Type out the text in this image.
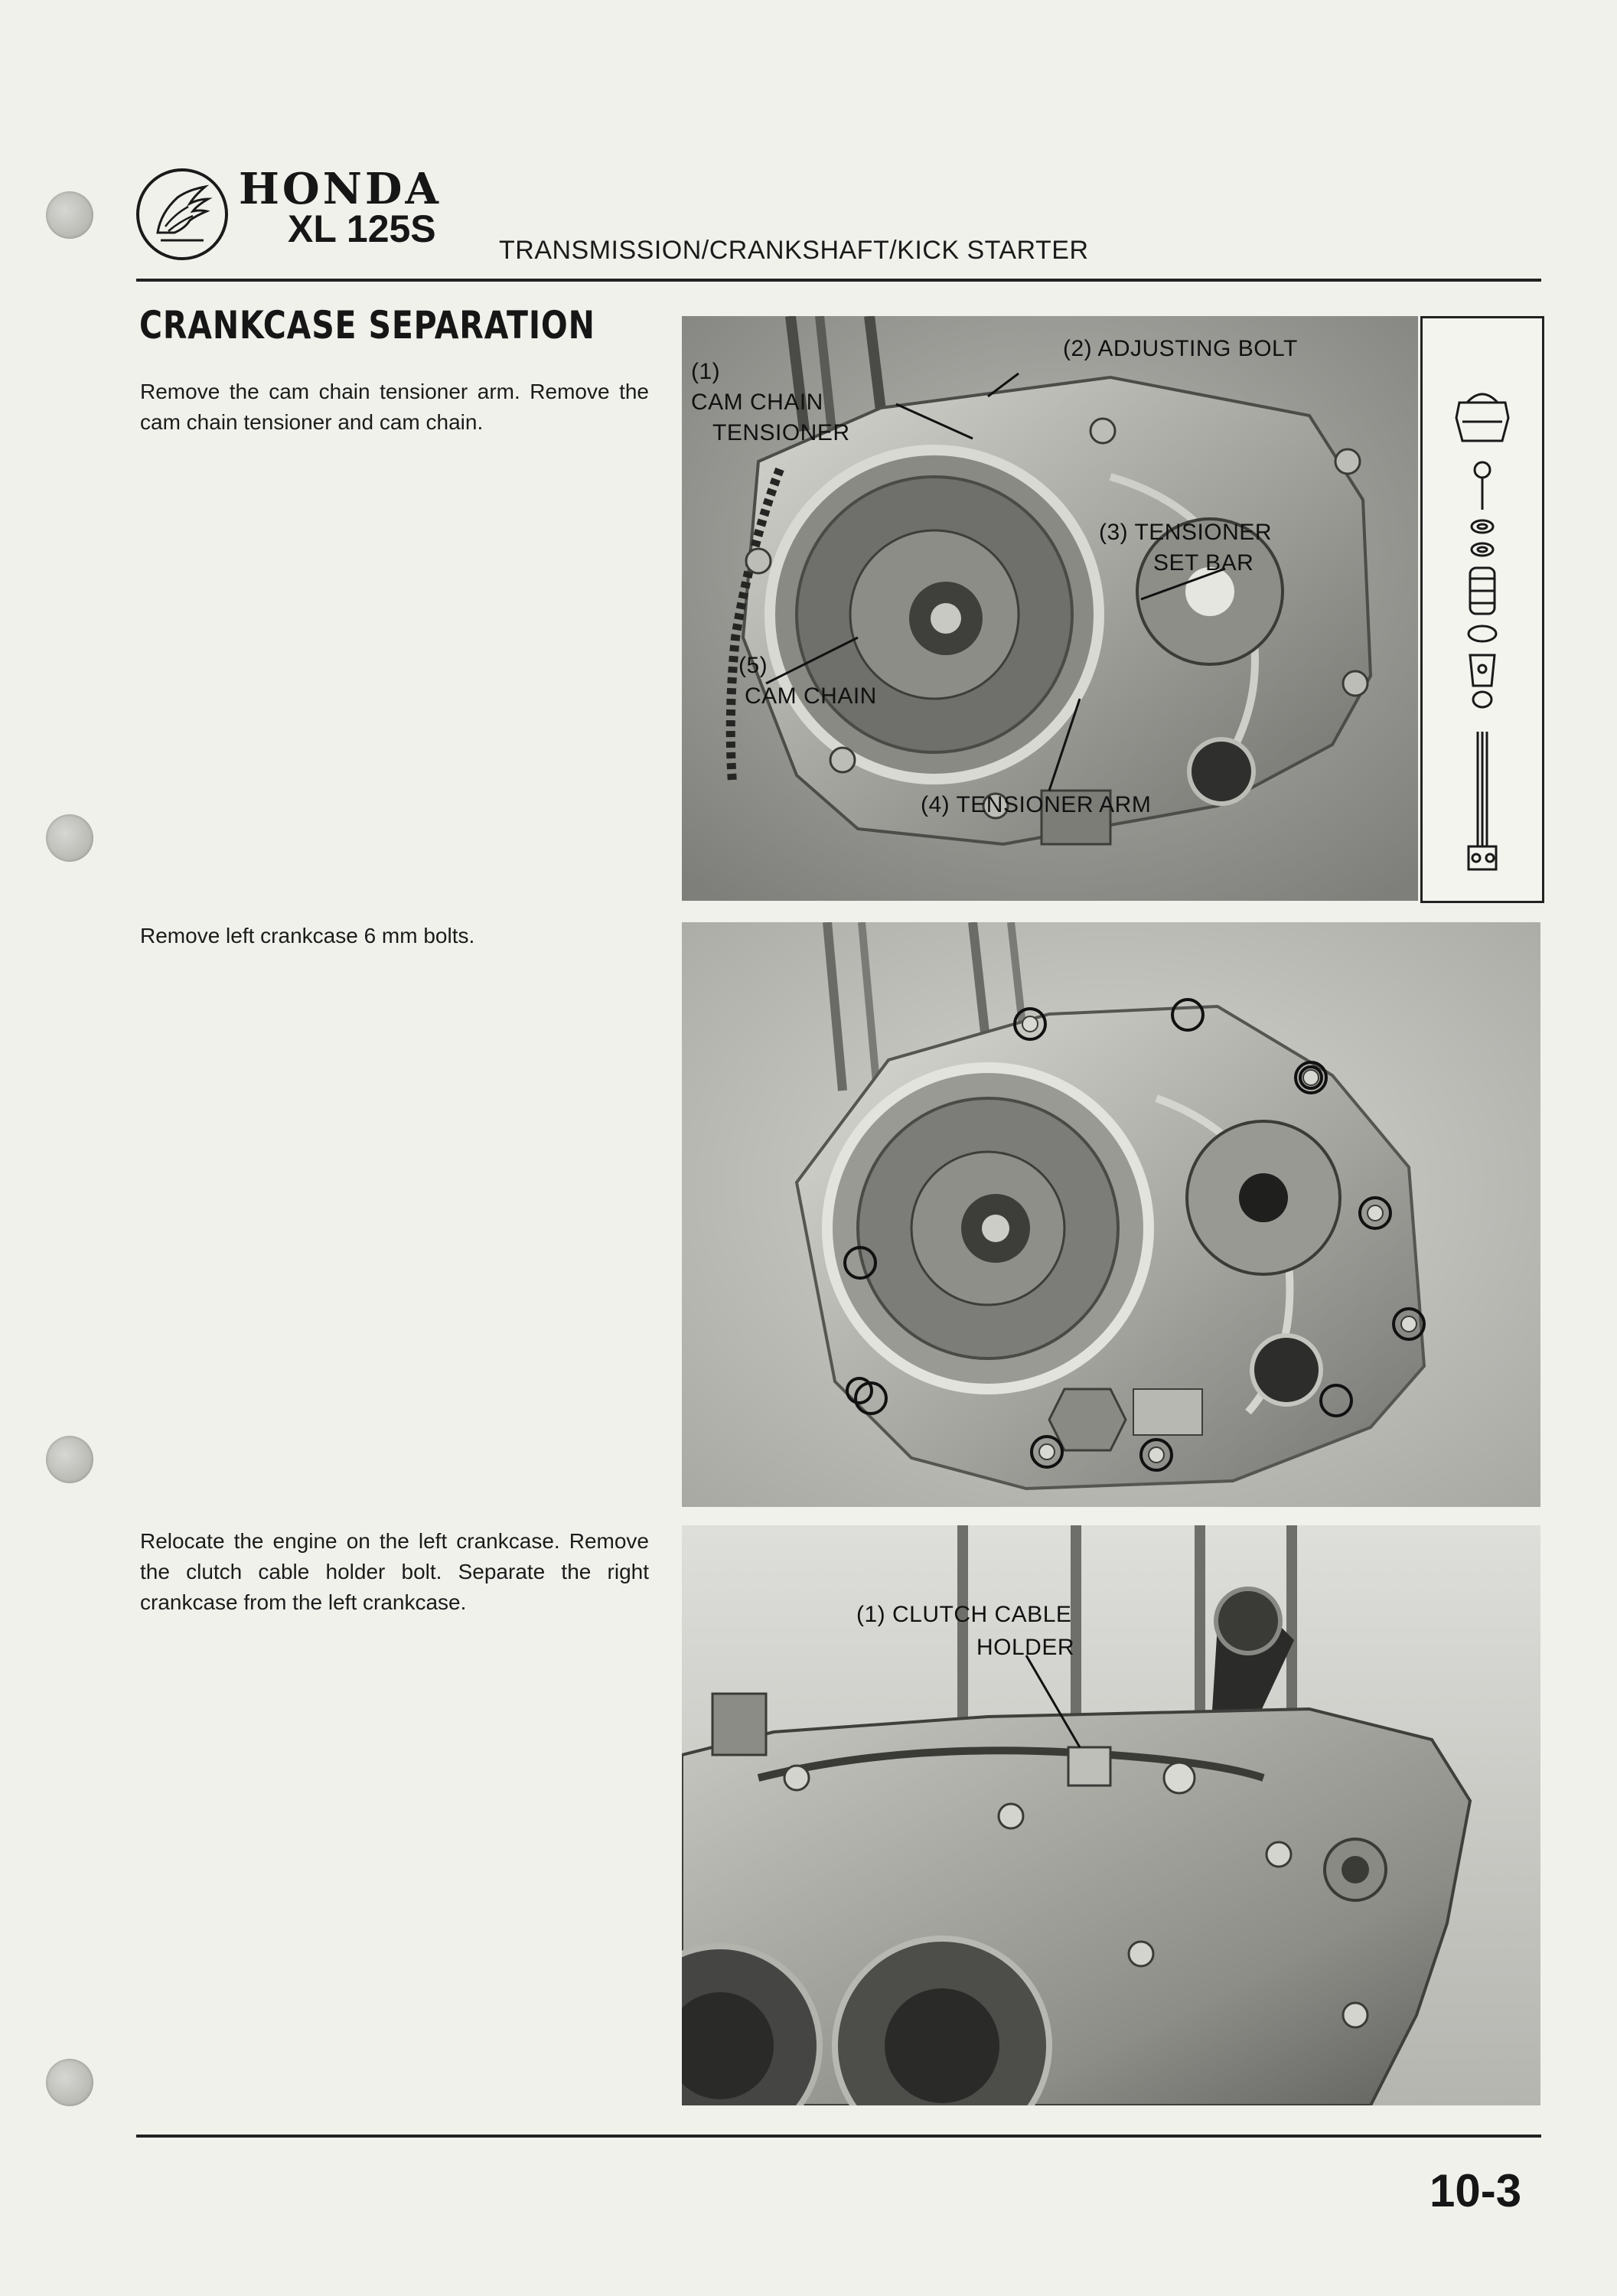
HONDA
XL 125S TRANSMISSION/CRANKSHAFT/KICK STARTER
CRANKCASE SEPARATION
Remove the cam chain tensioner arm. Remove the cam chain tensioner and cam chain.
Remove left crankcase 6 mm bolts.
Relocate the engine on the left crankcase. Remove the clutch cable holder bolt. Separate the right crankcase from the left crankcase.
(1)
CAM CHAIN
TENSIONER
(2) ADJUSTING BOLT
(3) TENSIONER
SET BAR
(4) TENSIONER ARM
(5)
CAM CHAIN
(1) CLUTCH CABLE
HOLDER
10-3
